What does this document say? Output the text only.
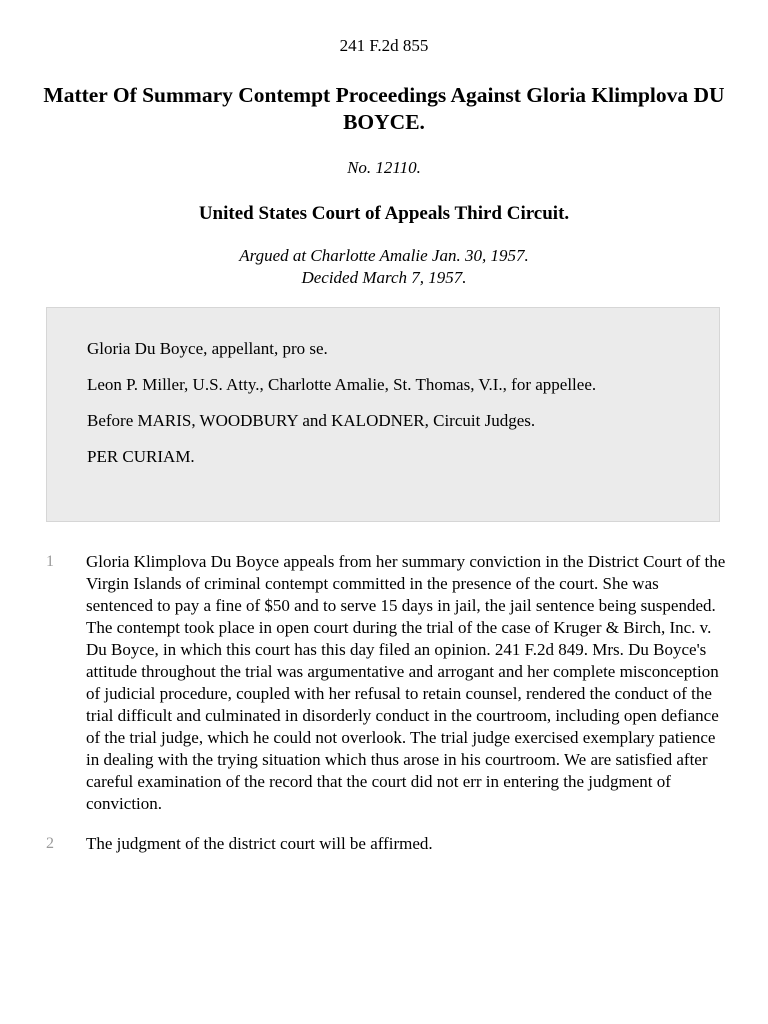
241 F.2d 855
Matter Of Summary Contempt Proceedings Against Gloria Klimplova DU BOYCE.
No. 12110.
United States Court of Appeals Third Circuit.
Argued at Charlotte Amalie Jan. 30, 1957.
Decided March 7, 1957.

Gloria Du Boyce, appellant, pro se.

Leon P. Miller, U.S. Atty., Charlotte Amalie, St. Thomas, V.I., for appellee.

Before MARIS, WOODBURY and KALODNER, Circuit Judges.

PER CURIAM.

1 Gloria Klimplova Du Boyce appeals from her summary conviction in the District Court of the Virgin Islands of criminal contempt committed in the presence of the court. She was sentenced to pay a fine of $50 and to serve 15 days in jail, the jail sentence being suspended. The contempt took place in open court during the trial of the case of Kruger & Birch, Inc. v. Du Boyce, in which this court has this day filed an opinion. 241 F.2d 849. Mrs. Du Boyce's attitude throughout the trial was argumentative and arrogant and her complete misconception of judicial procedure, coupled with her refusal to retain counsel, rendered the conduct of the trial difficult and culminated in disorderly conduct in the courtroom, including open defiance of the trial judge, which he could not overlook. The trial judge exercised exemplary patience in dealing with the trying situation which thus arose in his courtroom. We are satisfied after careful examination of the record that the court did not err in entering the judgment of conviction.
2 The judgment of the district court will be affirmed.
